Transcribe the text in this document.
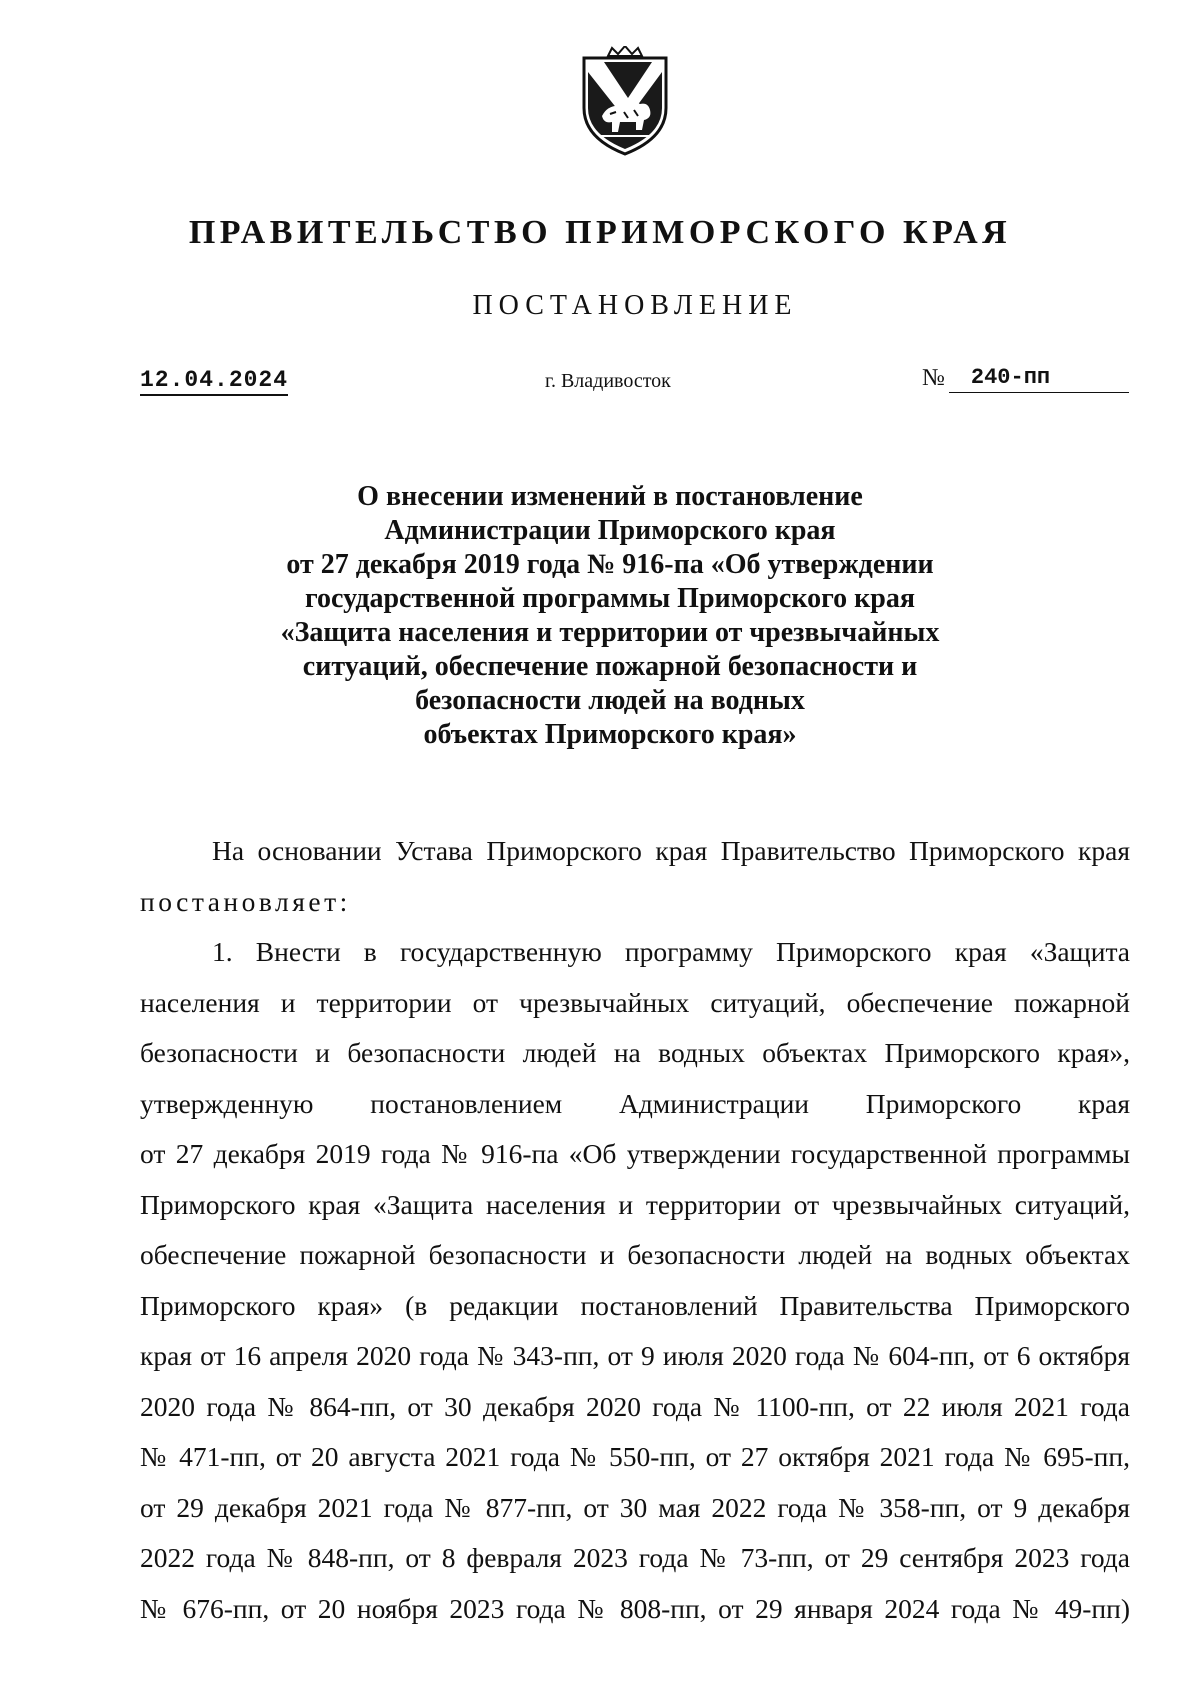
ПРАВИТЕЛЬСТВО ПРИМОРСКОГО КРАЯ
ПОСТАНОВЛЕНИЕ
12.04.2024	г. Владивосток	№	240-пп
О внесении изменений в постановление
Администрации Приморского края
от 27 декабря 2019 года № 916-па «Об утверждении
государственной программы Приморского края
«Защита населения и территории от чрезвычайных
ситуаций, обеспечение пожарной безопасности и
безопасности людей на водных
объектах Приморского края»
На основании Устава Приморского края Правительство Приморского края
постановляет:
1. Внести в государственную программу Приморского края «Защита
населения и территории от чрезвычайных ситуаций, обеспечение пожарной
безопасности и безопасности людей на водных объектах Приморского края»,
утвержденную постановлением Администрации Приморского края
от 27 декабря 2019 года № 916-па «Об утверждении государственной программы
Приморского края «Защита населения и территории от чрезвычайных ситуаций,
обеспечение пожарной безопасности и безопасности людей на водных объектах
Приморского края» (в редакции постановлений Правительства Приморского
края от 16 апреля 2020 года № 343-пп, от 9 июля 2020 года № 604-пп, от 6 октября
2020 года № 864-пп, от 30 декабря 2020 года № 1100-пп, от 22 июля 2021 года
№ 471-пп, от 20 августа 2021 года № 550-пп, от 27 октября 2021 года № 695-пп,
от 29 декабря 2021 года № 877-пп, от 30 мая 2022 года № 358-пп, от 9 декабря
2022 года № 848-пп, от 8 февраля 2023 года № 73-пп, от 29 сентября 2023 года
№ 676-пп, от 20 ноября 2023 года № 808-пп, от 29 января 2024 года № 49-пп)
